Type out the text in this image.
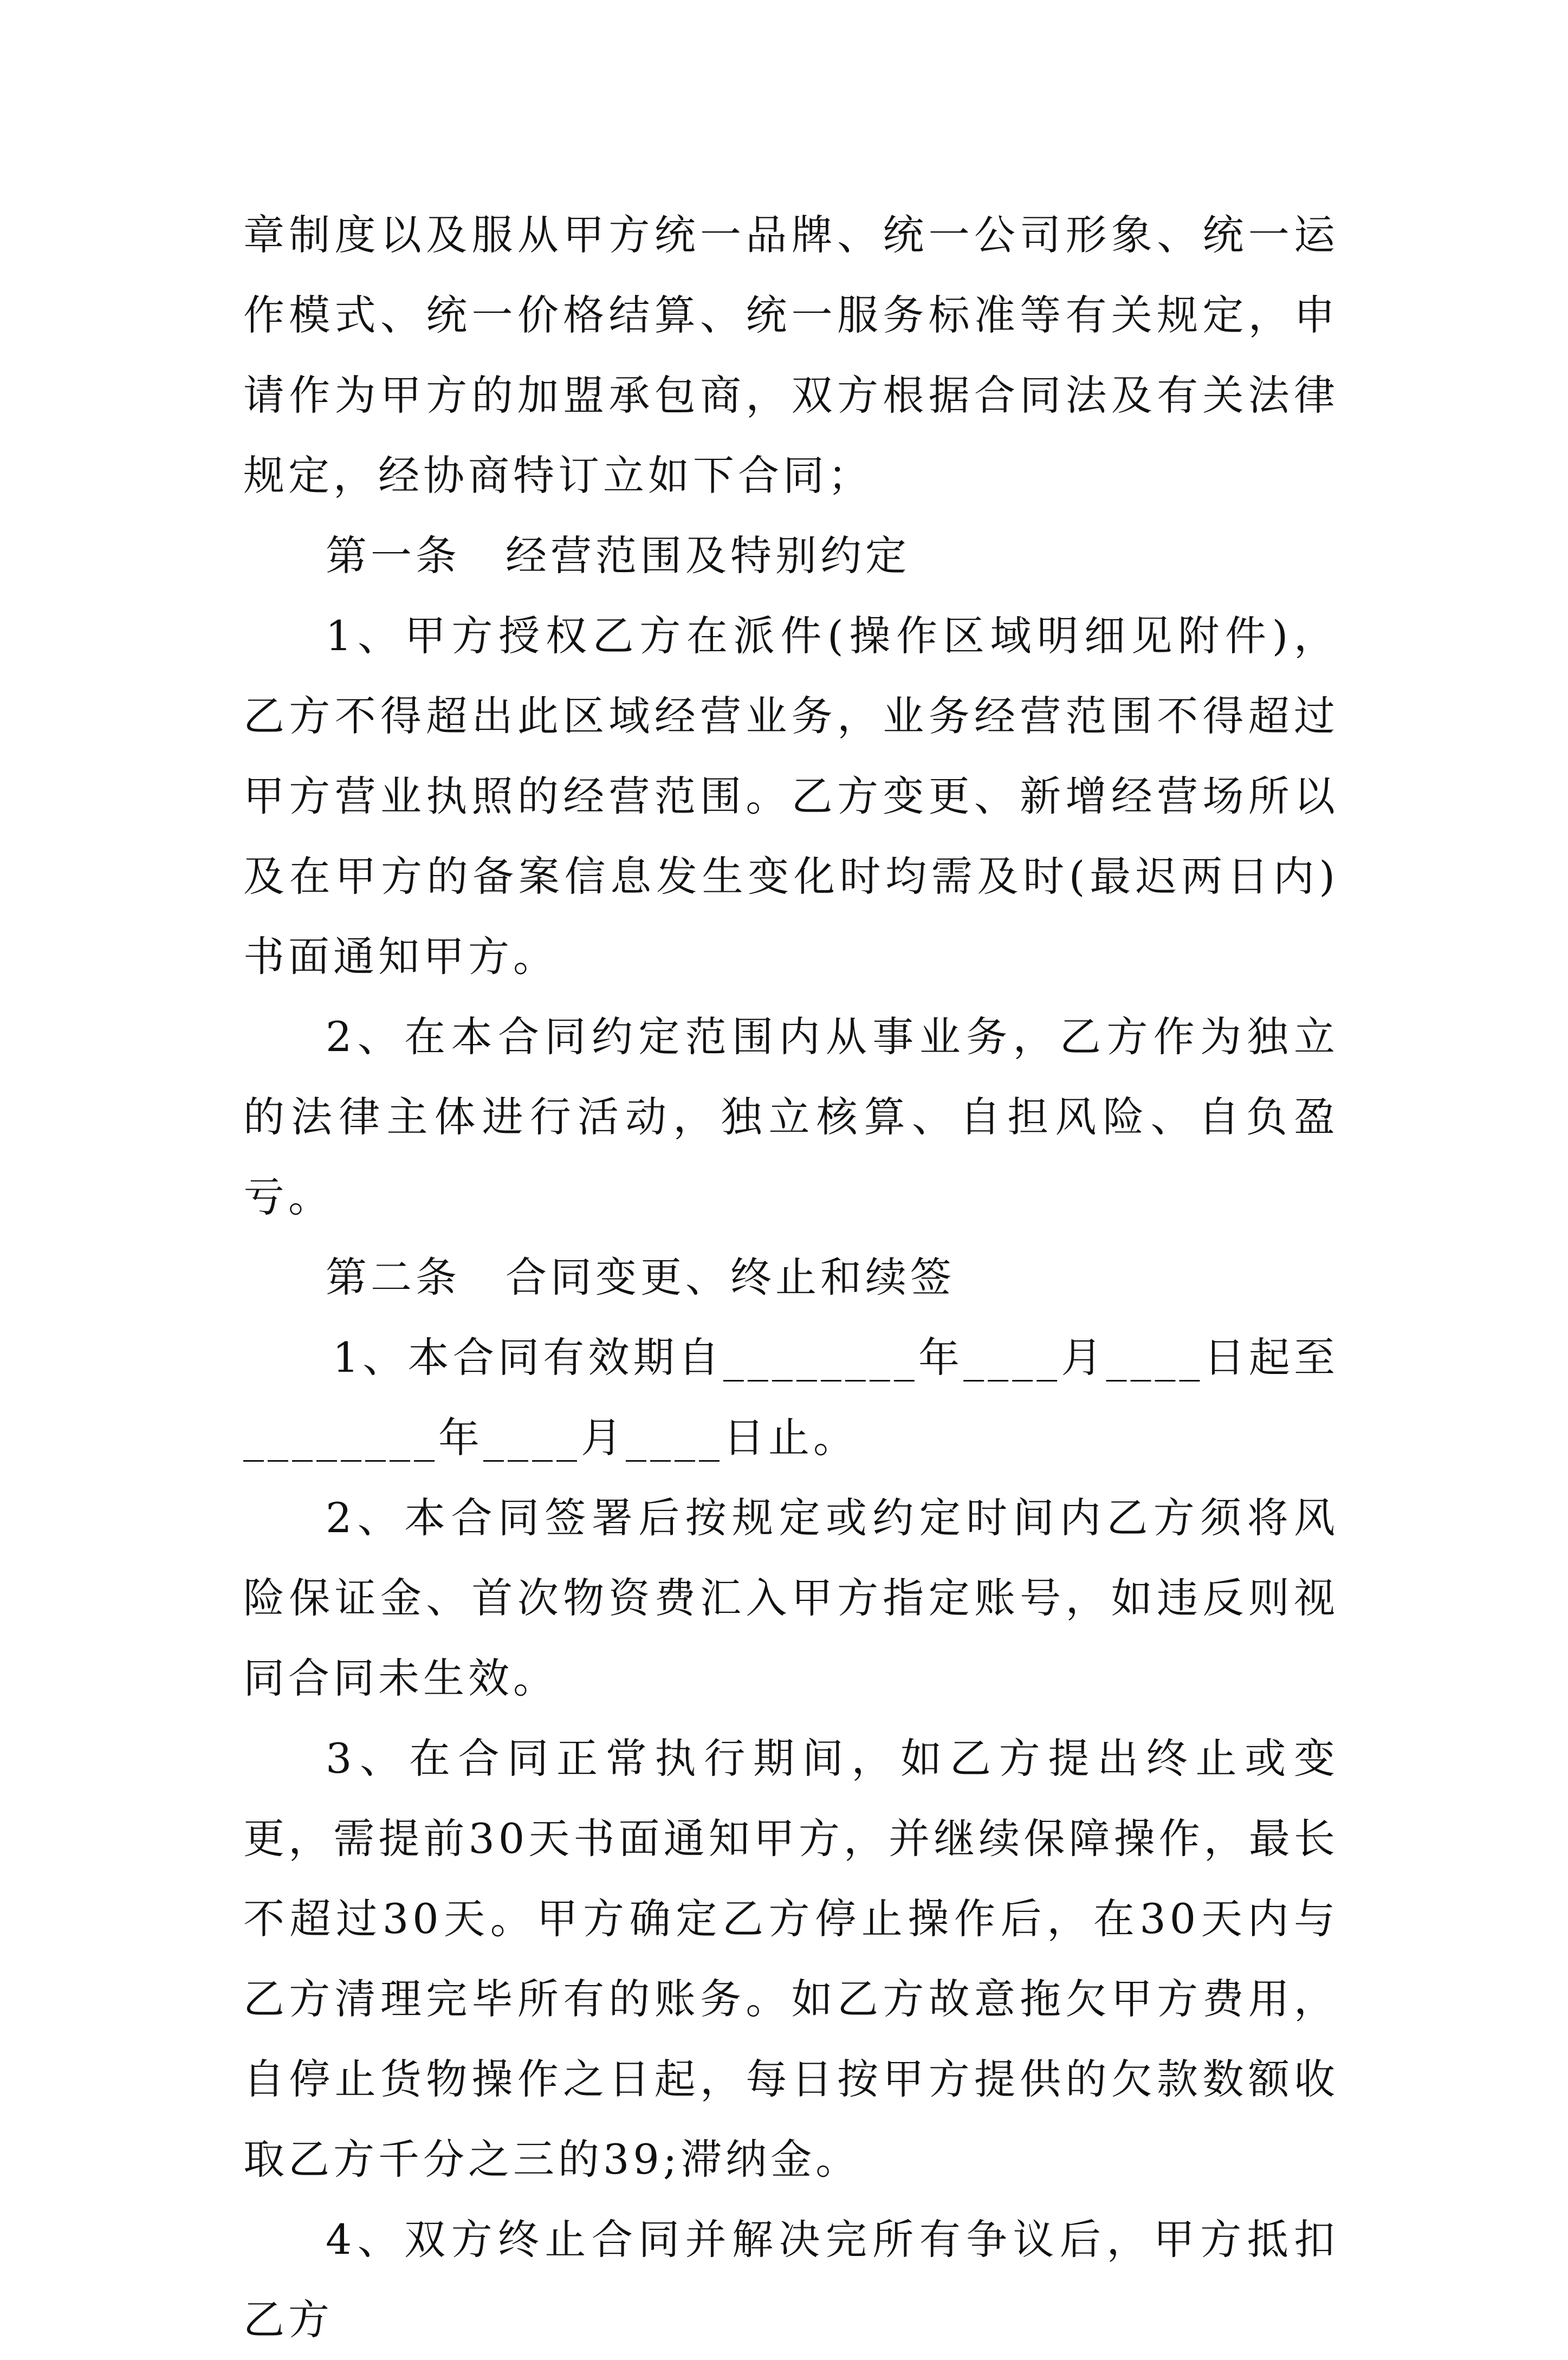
章制度以及服从甲方统一品牌、统一公司形象、统一运作模式、统一价格结算、统一服务标准等有关规定，申请作为甲方的加盟承包商，双方根据合同法及有关法律规定，经协商特订立如下合同；

第一条　经营范围及特别约定

1、甲方授权乙方在派件(操作区域明细见附件)，乙方不得超出此区域经营业务，业务经营范围不得超过甲方营业执照的经营范围。乙方变更、新增经营场所以及在甲方的备案信息发生变化时均需及时(最迟两日内)书面通知甲方。

2、在本合同约定范围内从事业务，乙方作为独立的法律主体进行活动，独立核算、自担风险、自负盈亏。

第二条　合同变更、终止和续签

1、本合同有效期自________年____月____日起至________年____月____日止。

2、本合同签署后按规定或约定时间内乙方须将风险保证金、首次物资费汇入甲方指定账号，如违反则视同合同未生效。

3、在合同正常执行期间，如乙方提出终止或变更，需提前30天书面通知甲方，并继续保障操作，最长不超过30天。甲方确定乙方停止操作后，在30天内与乙方清理完毕所有的账务。如乙方故意拖欠甲方费用，自停止货物操作之日起，每日按甲方提供的欠款数额收取乙方千分之三的39;滞纳金。

4、双方终止合同并解决完所有争议后，甲方抵扣乙方
